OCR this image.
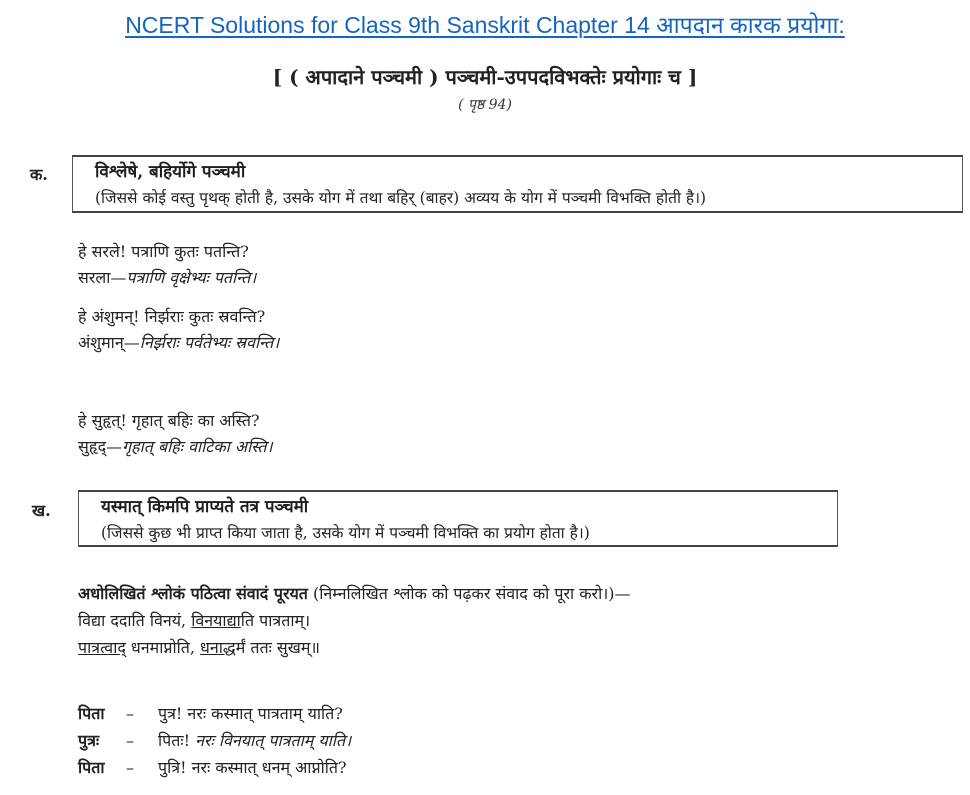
NCERT Solutions for Class 9th Sanskrit Chapter 14 आपदान कारक प्रयोगा:
[ ( अपादाने पञ्चमी ) पञ्चमी-उपपदविभक्तेः प्रयोगाः च ]
( पृष्ठ 94)
क.	विश्लेषे, बहिर्योगे पञ्चमी
(जिससे कोई वस्तु पृथक् होती है, उसके योग में तथा बहिर् (बाहर) अव्यय के योग में पञ्चमी विभक्ति होती है।)
हे सरले! पत्राणि कुतः पतन्ति?
सरला—पत्राणि वृक्षेभ्यः पतन्ति।
हे अंशुमन्! निर्झराः कुतः स्रवन्ति?
अंशुमान्—निर्झराः पर्वतेभ्यः स्रवन्ति।
हे सुहृत्! गृहात् बहिः का अस्ति?
सुहृद्—गृहात् बहिः वाटिका अस्ति।
ख.	यस्मात् किमपि प्राप्यते तत्र पञ्चमी
(जिससे कुछ भी प्राप्त किया जाता है, उसके योग में पञ्चमी विभक्ति का प्रयोग होता है।)
अधोलिखितं श्लोकं पठित्वा संवादं पूरयत (निम्नलिखित श्लोक को पढ़कर संवाद को पूरा करो।)—
विद्या ददाति विनयं, विनयाद्याति पात्रताम्।
पात्रत्वाद् धनमाप्नोति, धनाद्धर्मं ततः सुखम्॥
पिता – पुत्र! नरः कस्मात् पात्रताम् याति?
पुत्रः – पितः! नरः विनयात् पात्रताम् याति।
पिता – पुत्रि! नरः कस्मात् धनम् आप्नोति?
